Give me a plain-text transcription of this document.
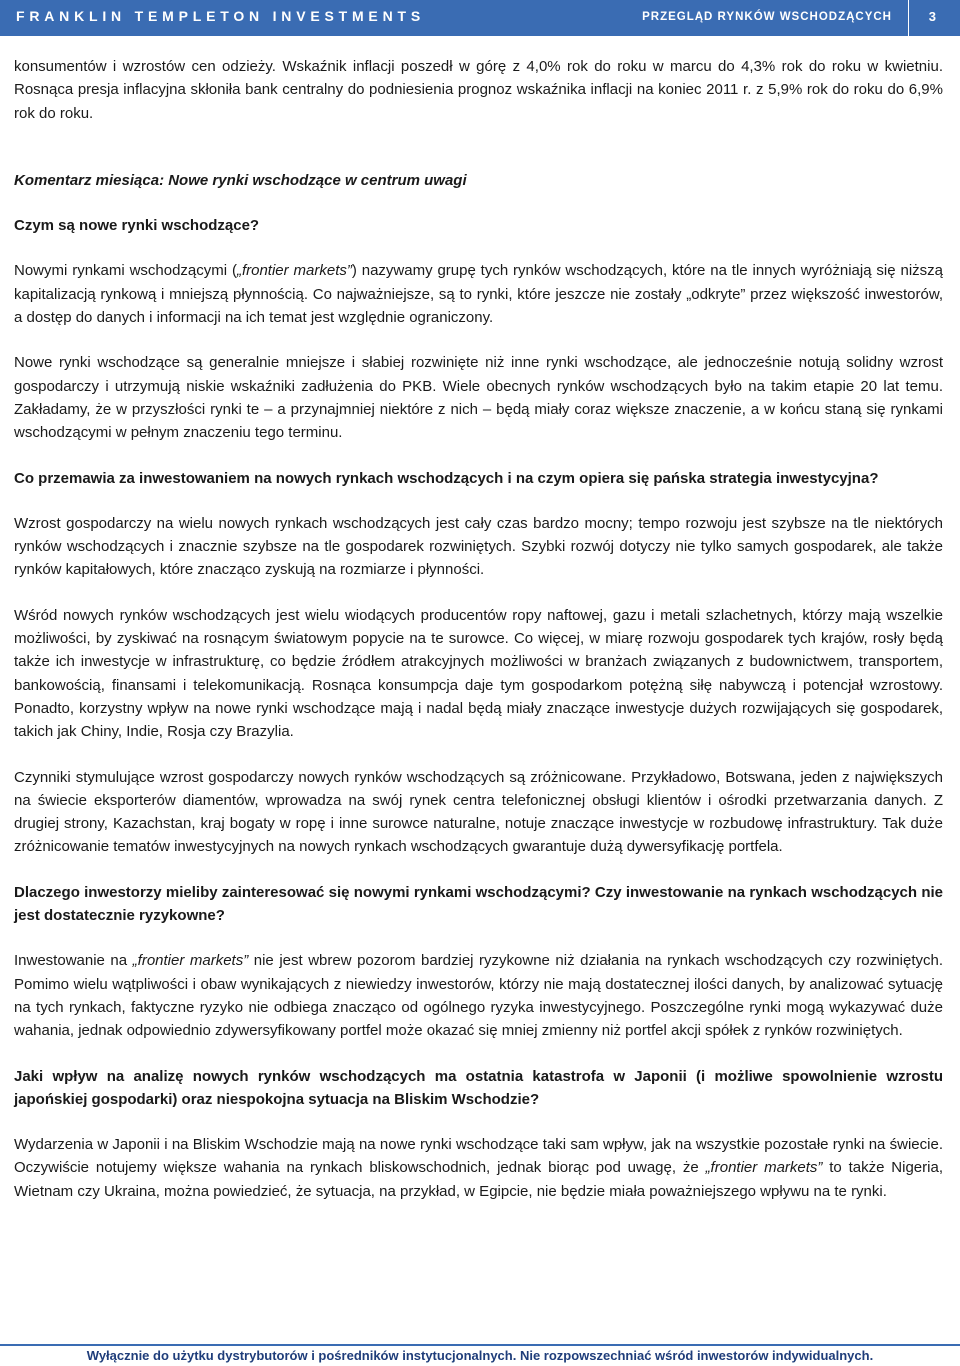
FRANKLIN TEMPLETON INVESTMENTS	PRZEGLĄD RYNKÓW WSCHODZĄCYCH	3

konsumentów i wzrostów cen odzieży. Wskaźnik inflacji poszedł w górę z 4,0% rok do roku w marcu do 4,3% rok do roku w kwietniu. Rosnąca presja inflacyjna skłoniła bank centralny do podniesienia prognoz wskaźnika inflacji na koniec 2011 r. z 5,9% rok do roku do 6,9% rok do roku.

Komentarz miesiąca: Nowe rynki wschodzące w centrum uwagi

Czym są nowe rynki wschodzące?

Nowymi rynkami wschodzącymi („frontier markets”) nazywamy grupę tych rynków wschodzących, które na tle innych wyróżniają się niższą kapitalizacją rynkową i mniejszą płynnością. Co najważniejsze, są to rynki, które jeszcze nie zostały „odkryte” przez większość inwestorów, a dostęp do danych i informacji na ich temat jest względnie ograniczony.

Nowe rynki wschodzące są generalnie mniejsze i słabiej rozwinięte niż inne rynki wschodzące, ale jednocześnie notują solidny wzrost gospodarczy i utrzymują niskie wskaźniki zadłużenia do PKB. Wiele obecnych rynków wschodzących było na takim etapie 20 lat temu. Zakładamy, że w przyszłości rynki te – a przynajmniej niektóre z nich – będą miały coraz większe znaczenie, a w końcu staną się rynkami wschodzącymi w pełnym znaczeniu tego terminu.

Co przemawia za inwestowaniem na nowych rynkach wschodzących i na czym opiera się pańska strategia inwestycyjna?

Wzrost gospodarczy na wielu nowych rynkach wschodzących jest cały czas bardzo mocny; tempo rozwoju jest szybsze na tle niektórych rynków wschodzących i znacznie szybsze na tle gospodarek rozwiniętych. Szybki rozwój dotyczy nie tylko samych gospodarek, ale także rynków kapitałowych, które znacząco zyskują na rozmiarze i płynności.

Wśród nowych rynków wschodzących jest wielu wiodących producentów ropy naftowej, gazu i metali szlachetnych, którzy mają wszelkie możliwości, by zyskiwać na rosnącym światowym popycie na te surowce. Co więcej, w miarę rozwoju gospodarek tych krajów, rosły będą także ich inwestycje w infrastrukturę, co będzie źródłem atrakcyjnych możliwości w branżach związanych z budownictwem, transportem, bankowością, finansami i telekomunikacją. Rosnąca konsumpcja daje tym gospodarkom potężną siłę nabywczą i potencjał wzrostowy. Ponadto, korzystny wpływ na nowe rynki wschodzące mają i nadal będą miały znaczące inwestycje dużych rozwijających się gospodarek, takich jak Chiny, Indie, Rosja czy Brazylia.

Czynniki stymulujące wzrost gospodarczy nowych rynków wschodzących są zróżnicowane. Przykładowo, Botswana, jeden z największych na świecie eksporterów diamentów, wprowadza na swój rynek centra telefonicznej obsługi klientów i ośrodki przetwarzania danych. Z drugiej strony, Kazachstan, kraj bogaty w ropę i inne surowce naturalne, notuje znaczące inwestycje w rozbudowę infrastruktury. Tak duże zróżnicowanie tematów inwestycyjnych na nowych rynkach wschodzących gwarantuje dużą dywersyfikację portfela.

Dlaczego inwestorzy mieliby zainteresować się nowymi rynkami wschodzącymi? Czy inwestowanie na rynkach wschodzących nie jest dostatecznie ryzykowne?

Inwestowanie na „frontier markets” nie jest wbrew pozorom bardziej ryzykowne niż działania na rynkach wschodzących czy rozwiniętych. Pomimo wielu wątpliwości i obaw wynikających z niewiedzy inwestorów, którzy nie mają dostatecznej ilości danych, by analizować sytuację na tych rynkach, faktyczne ryzyko nie odbiega znacząco od ogólnego ryzyka inwestycyjnego. Poszczególne rynki mogą wykazywać duże wahania, jednak odpowiednio zdywersyfikowany portfel może okazać się mniej zmienny niż portfel akcji spółek z rynków rozwiniętych.

Jaki wpływ na analizę nowych rynków wschodzących ma ostatnia katastrofa w Japonii (i możliwe spowolnienie wzrostu japońskiej gospodarki) oraz niespokojna sytuacja na Bliskim Wschodzie?

Wydarzenia w Japonii i na Bliskim Wschodzie mają na nowe rynki wschodzące taki sam wpływ, jak na wszystkie pozostałe rynki na świecie. Oczywiście notujemy większe wahania na rynkach bliskowschodnich, jednak biorąc pod uwagę, że „frontier markets” to także Nigeria, Wietnam czy Ukraina, można powiedzieć, że sytuacja, na przykład, w Egipcie, nie będzie miała poważniejszego wpływu na te rynki.

Wyłącznie do użytku dystrybutorów i pośredników instytucjonalnych. Nie rozpowszechniać wśród inwestorów indywidualnych.
